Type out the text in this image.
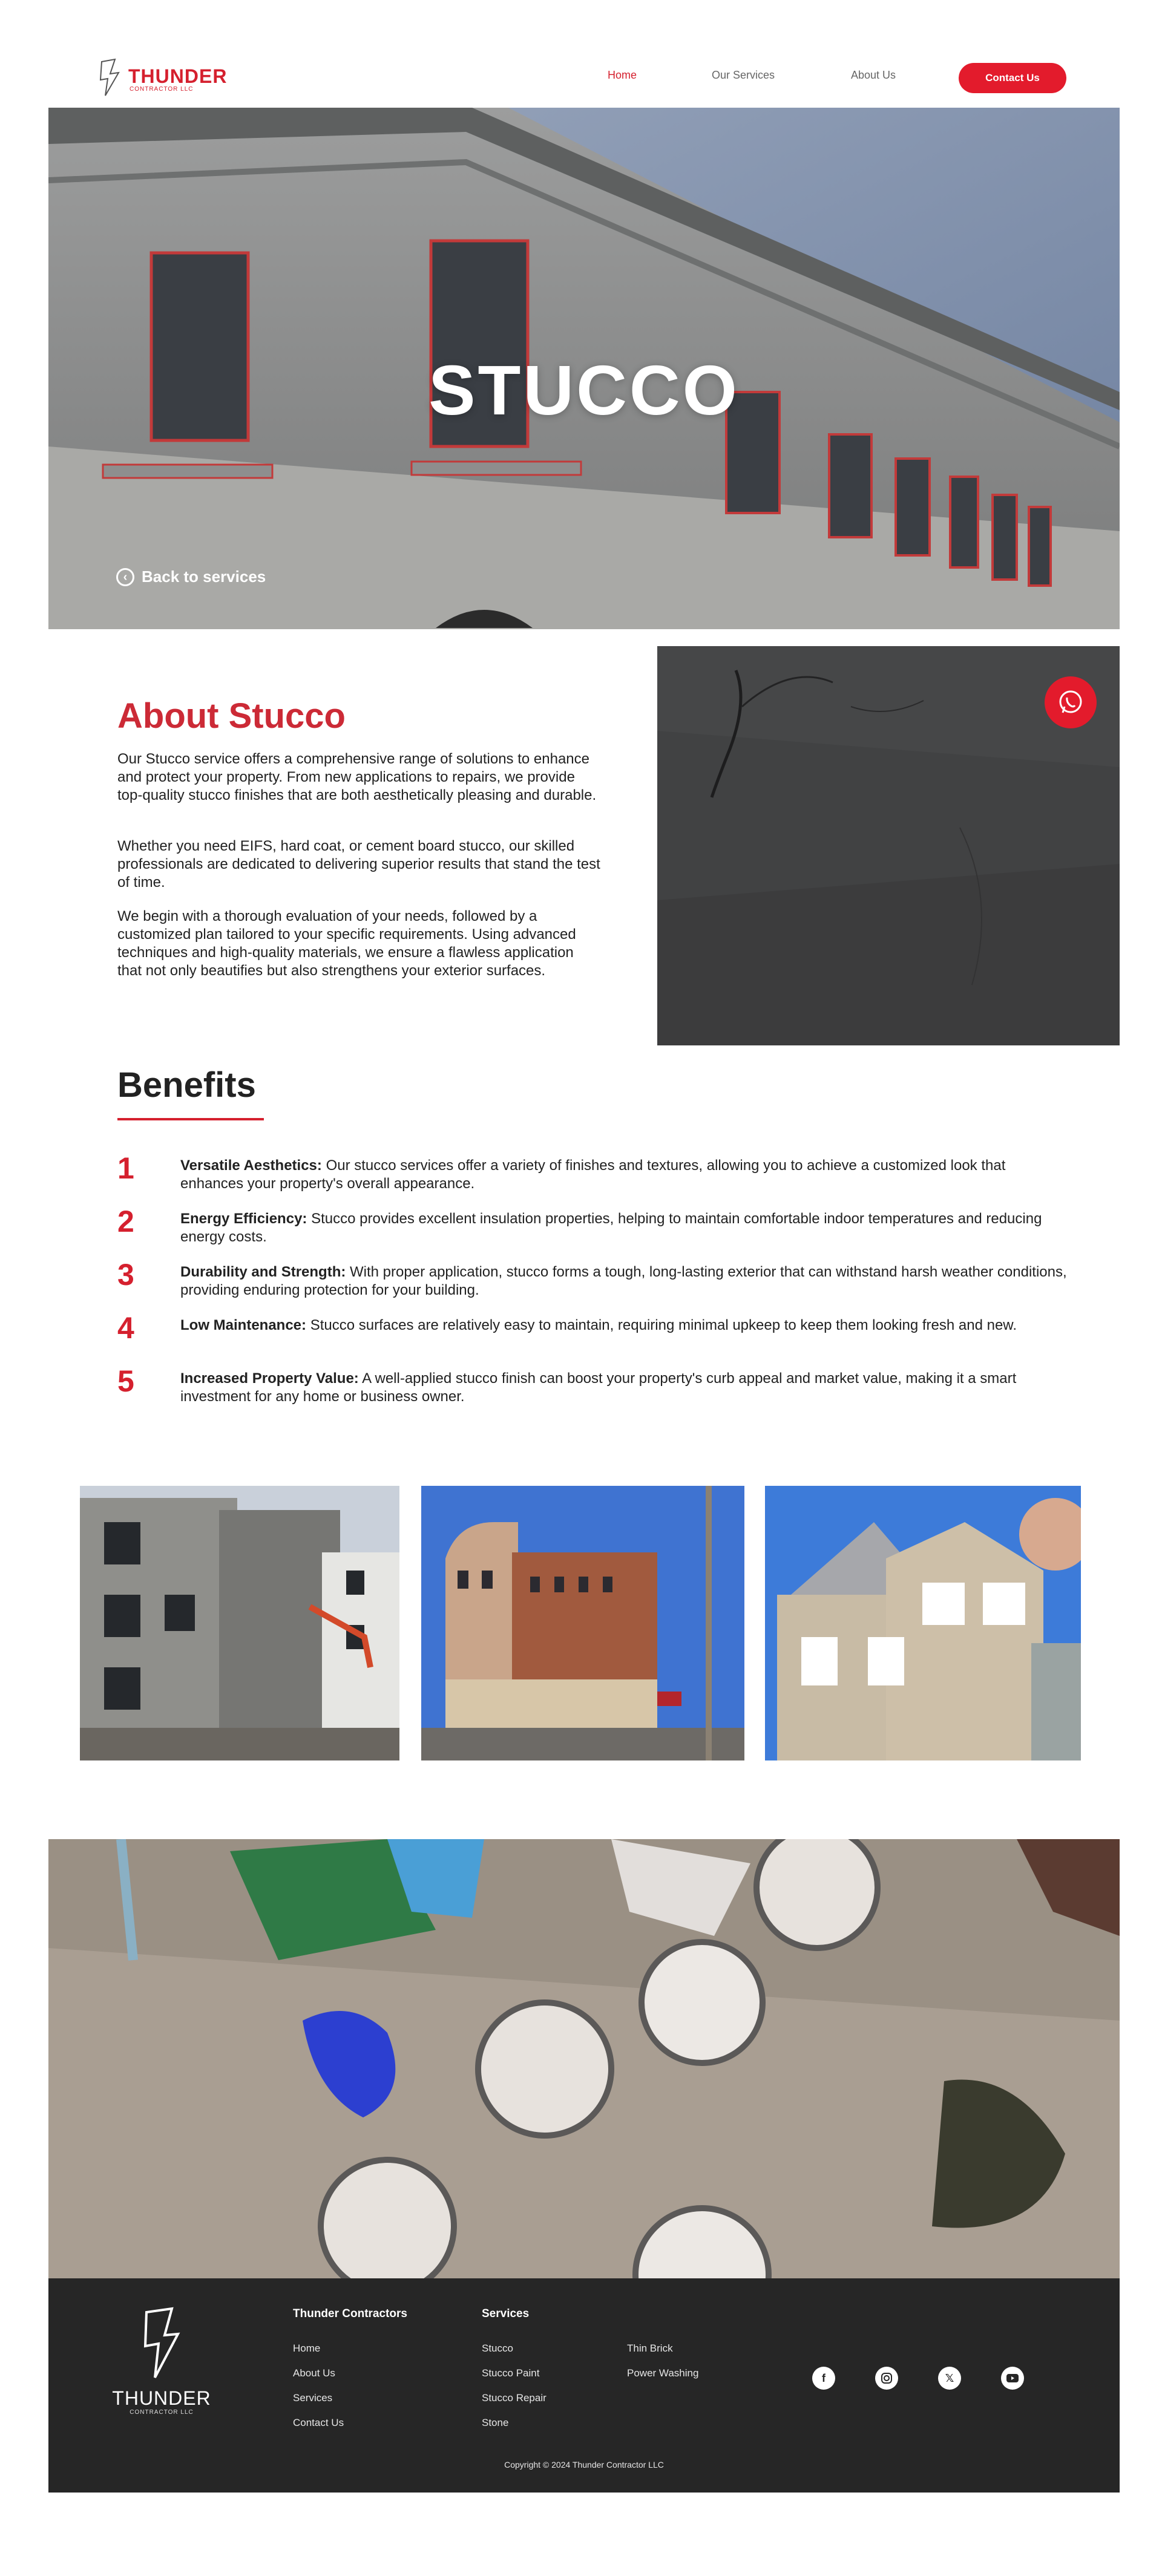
THUNDER
CONTRACTOR LLC
Home	Our Services	About Us	Contact Us
STUCCO
‹ Back to services
About Stucco
Our Stucco service offers a comprehensive range of solutions to enhance and protect your property. From new applications to repairs, we provide top-quality stucco finishes that are both aesthetically pleasing and durable.
Whether you need EIFS, hard coat, or cement board stucco, our skilled professionals are dedicated to delivering superior results that stand the test of time.
We begin with a thorough evaluation of your needs, followed by a customized plan tailored to your specific requirements. Using advanced techniques and high-quality materials, we ensure a flawless application that not only beautifies but also strengthens your exterior surfaces.
Benefits
1	Versatile Aesthetics: Our stucco services offer a variety of finishes and textures, allowing you to achieve a customized look that enhances your property's overall appearance.
2	Energy Efficiency: Stucco provides excellent insulation properties, helping to maintain comfortable indoor temperatures and reducing energy costs.
3	Durability and Strength: With proper application, stucco forms a tough, long-lasting exterior that can withstand harsh weather conditions, providing enduring protection for your building.
4	Low Maintenance: Stucco surfaces are relatively easy to maintain, requiring minimal upkeep to keep them looking fresh and new.
5	Increased Property Value: A well-applied stucco finish can boost your property's curb appeal and market value, making it a smart investment for any home or business owner.
THUNDER
CONTRACTOR LLC
Thunder Contractors
Home
About Us
Services
Contact Us
Services
Stucco
Stucco Paint
Stucco Repair
Stone
Thin Brick
Power Washing	f	𝕏
Copyright © 2024 Thunder Contractor LLC
